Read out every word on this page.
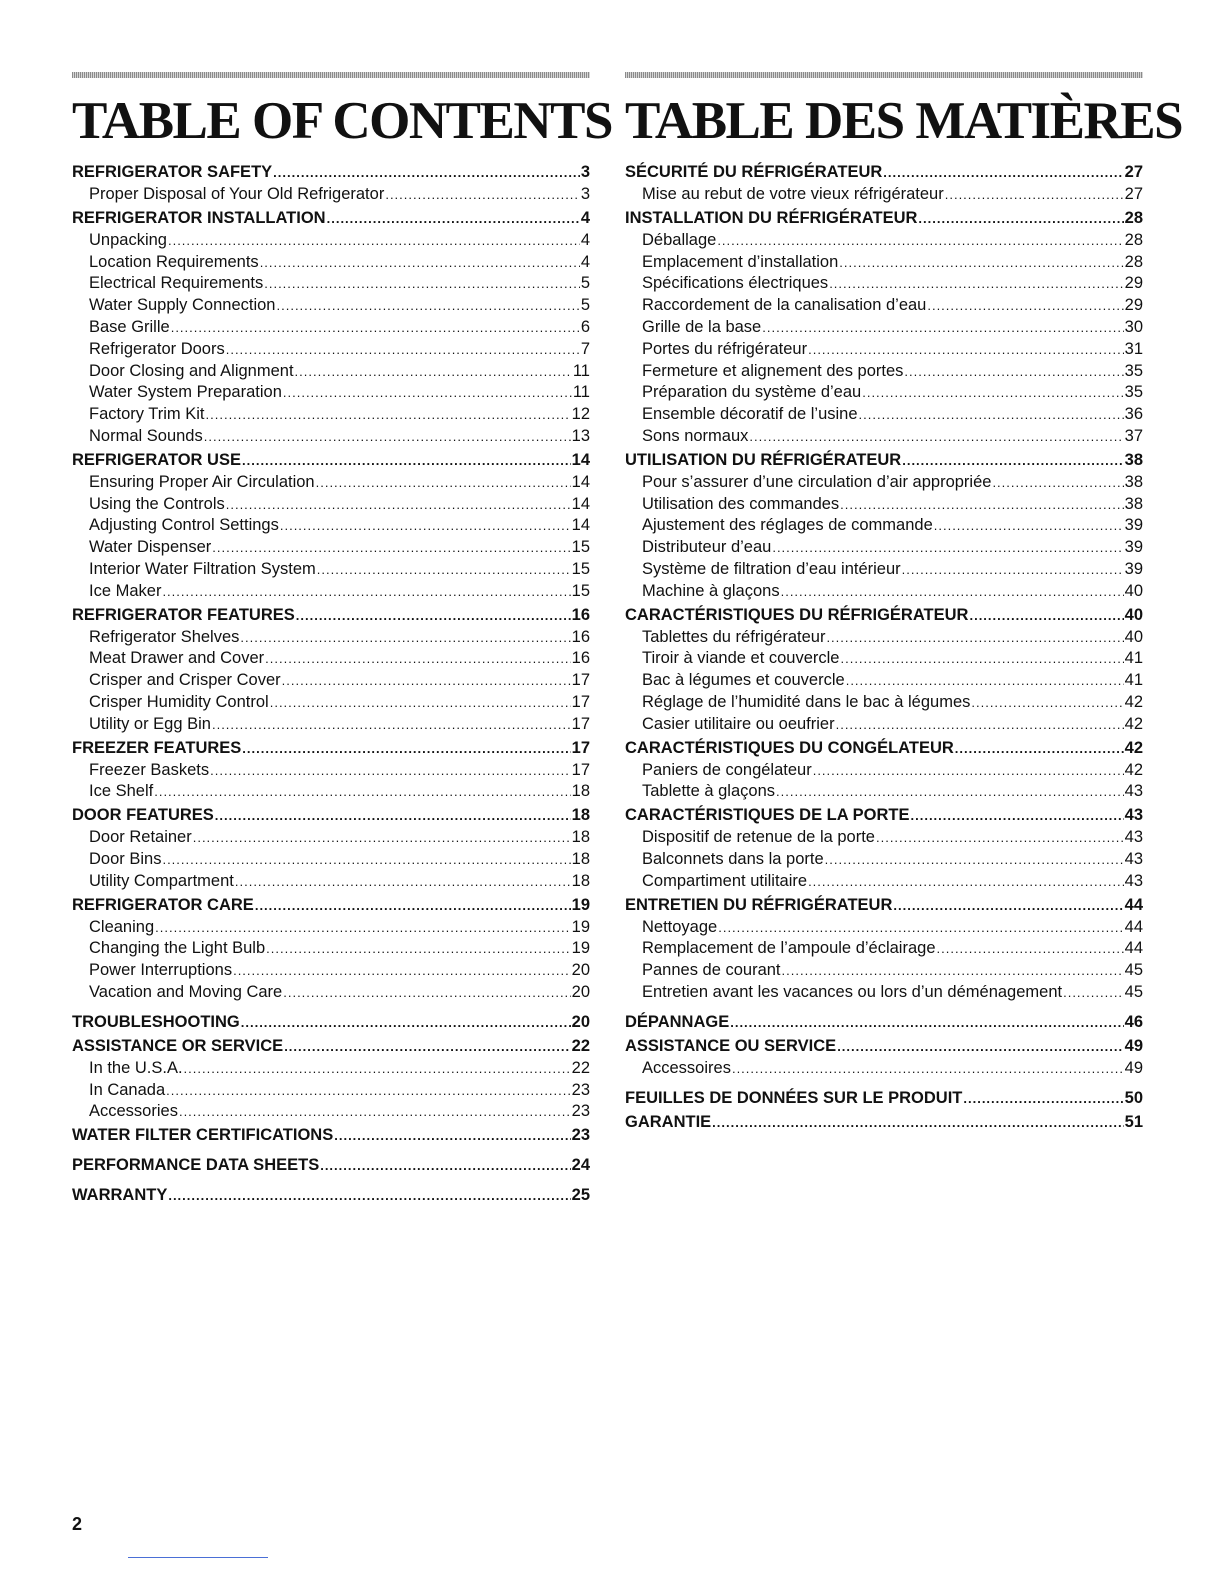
TABLE OF CONTENTS
REFRIGERATOR SAFETY .....	3
Proper Disposal of Your Old Refrigerator .....	3
REFRIGERATOR INSTALLATION .....	4
Unpacking .....	4
Location Requirements .....	4
Electrical Requirements .....	5
Water Supply Connection .....	5
Base Grille .....	6
Refrigerator Doors .....	7
Door Closing and Alignment .....	11
Water System Preparation .....	11
Factory Trim Kit .....	12
Normal Sounds .....	13
REFRIGERATOR USE .....	14
Ensuring Proper Air Circulation .....	14
Using the Controls .....	14
Adjusting Control Settings .....	14
Water Dispenser .....	15
Interior Water Filtration System .....	15
Ice Maker .....	15
REFRIGERATOR FEATURES .....	16
Refrigerator Shelves .....	16
Meat Drawer and Cover .....	16
Crisper and Crisper Cover .....	17
Crisper Humidity Control .....	17
Utility or Egg Bin .....	17
FREEZER FEATURES .....	17
Freezer Baskets .....	17
Ice Shelf .....	18
DOOR FEATURES .....	18
Door Retainer .....	18
Door Bins .....	18
Utility Compartment .....	18
REFRIGERATOR CARE .....	19
Cleaning .....	19
Changing the Light Bulb .....	19
Power Interruptions .....	20
Vacation and Moving Care .....	20
TROUBLESHOOTING .....	20
ASSISTANCE OR SERVICE .....	22
In the U.S.A. .....	22
In Canada .....	23
Accessories .....	23
WATER FILTER CERTIFICATIONS .....	23
PERFORMANCE DATA SHEETS .....	24
WARRANTY .....	25
TABLE DES MATIÈRES
SÉCURITÉ DU RÉFRIGÉRATEUR .....	27
Mise au rebut de votre vieux réfrigérateur .....	27
INSTALLATION DU RÉFRIGÉRATEUR .....	28
Déballage .....	28
Emplacement d’installation .....	28
Spécifications électriques .....	29
Raccordement de la canalisation d’eau .....	29
Grille de la base .....	30
Portes du réfrigérateur .....	31
Fermeture et alignement des portes .....	35
Préparation du système d’eau .....	35
Ensemble décoratif de l’usine .....	36
Sons normaux .....	37
UTILISATION DU RÉFRIGÉRATEUR .....	38
Pour s’assurer d’une circulation d’air appropriée .....	38
Utilisation des commandes .....	38
Ajustement des réglages de commande .....	39
Distributeur d’eau .....	39
Système de filtration d’eau intérieur .....	39
Machine à glaçons .....	40
CARACTÉRISTIQUES DU RÉFRIGÉRATEUR .....	40
Tablettes du réfrigérateur .....	40
Tiroir à viande et couvercle .....	41
Bac à légumes et couvercle .....	41
Réglage de l’humidité dans le bac à légumes .....	42
Casier utilitaire ou oeufrier .....	42
CARACTÉRISTIQUES DU CONGÉLATEUR .....	42
Paniers de congélateur .....	42
Tablette à glaçons .....	43
CARACTÉRISTIQUES DE LA PORTE .....	43
Dispositif de retenue de la porte .....	43
Balconnets dans la porte .....	43
Compartiment utilitaire .....	43
ENTRETIEN DU RÉFRIGÉRATEUR .....	44
Nettoyage .....	44
Remplacement de l’ampoule d’éclairage .....	44
Pannes de courant .....	45
Entretien avant les vacances ou lors d’un déménagement .....	45
DÉPANNAGE .....	46
ASSISTANCE OU SERVICE .....	49
Accessoires .....	49
FEUILLES DE DONNÉES SUR LE PRODUIT .....	50
GARANTIE .....	51
2
